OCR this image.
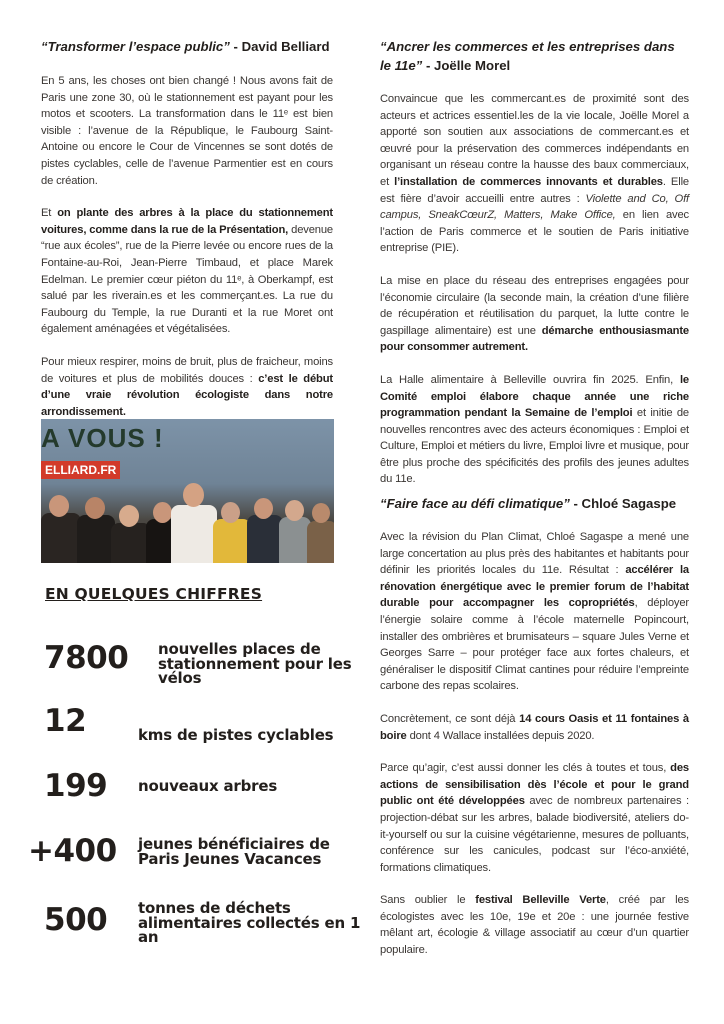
“Transformer l’espace public” - David Belliard

En 5 ans, les choses ont bien changé ! Nous avons fait de Paris une zone 30, où le stationnement est payant pour les motos et scooters. La transformation dans le 11ᵉ est bien visible : l’avenue de la République, le Faubourg Saint-Antoine ou encore le Cour de Vincennes se sont dotés de pistes cyclables, celle de l’avenue Parmentier est en cours de création.

Et on plante des arbres à la place du stationnement voitures, comme dans la rue de la Présentation, devenue “rue aux écoles”, rue de la Pierre levée ou encore rues de la Fontaine-au-Roi, Jean-Pierre Timbaud, et place Marek Edelman. Le premier cœur piéton du 11ᵉ, à Oberkampf, est salué par les riverain.es et les commerçant.es. La rue du Faubourg du Temple, la rue Duranti et la rue Moret ont également aménagées et végétalisées.

Pour mieux respirer, moins de bruit, plus de fraicheur, moins de voitures et plus de mobilités douces : c’est le début d’une vraie révolution écologiste dans notre arrondissement.

A VOUS !
ELLIARD.FR
EN QUELQUES CHIFFRES
7800	nouvelles places de stationnement pour les vélos
12	kms de pistes cyclables
199	nouveaux arbres
+400	jeunes bénéficiaires de Paris Jeunes Vacances
500	tonnes de déchets alimentaires collectés en 1 an
“Ancrer les commerces et les entreprises dans le 11e” - Joëlle Morel

Convaincue que les commercant.es de proximité sont des acteurs et actrices essentiel.les de la vie locale, Joëlle Morel a apporté son soutien aux associations de commercant.es et œuvré pour la préservation des commerces indépendants en organisant un réseau contre la hausse des baux commerciaux, et l’installation de commerces innovants et durables. Elle est fière d’avoir accueilli entre autres : Violette and Co, Off campus, SneakCœurZ, Matters, Make Office, en lien avec l’action de Paris commerce et le soutien de Paris initiative entreprise (PIE).

La mise en place du réseau des entreprises engagées pour l’économie circulaire (la seconde main, la création d’une filière de récupération et réutilisation du parquet, la lutte contre le gaspillage alimentaire) est une démarche enthousiasmante pour consommer autrement.

La Halle alimentaire à Belleville ouvrira fin 2025. Enfin, le Comité emploi élabore chaque année une riche programmation pendant la Semaine de l’emploi et initie de nouvelles rencontres avec des acteurs économiques : Emploi et Culture, Emploi et métiers du livre, Emploi livre et musique, pour être plus proche des spécificités des profils des jeunes adultes du 11e.

“Faire face au défi climatique” - Chloé Sagaspe

Avec la révision du Plan Climat, Chloé Sagaspe a mené une large concertation au plus près des habitantes et habitants pour définir les priorités locales du 11e. Résultat : accélérer la rénovation énergétique avec le premier forum de l’habitat durable pour accompagner les copropriétés, déployer l’énergie solaire comme à l’école maternelle Popincourt, installer des ombrières et brumisateurs – square Jules Verne et Georges Sarre – pour protéger face aux fortes chaleurs, et généraliser le dispositif Climat cantines pour réduire l’empreinte carbone des repas scolaires.

Concrètement, ce sont déjà 14 cours Oasis et 11 fontaines à boire dont 4 Wallace installées depuis 2020.

Parce qu’agir, c’est aussi donner les clés à toutes et tous, des actions de sensibilisation dès l’école et pour le grand public ont été développées avec de nombreux partenaires : projection-débat sur les arbres, balade biodiversité, ateliers do-it-yourself ou sur la cuisine végétarienne, mesures de polluants, conférence sur les canicules, podcast sur l’éco-anxiété, formations climatiques.

Sans oublier le festival Belleville Verte, créé par les écologistes avec les 10e, 19e et 20e : une journée festive mêlant art, écologie & village associatif au cœur d’un quartier populaire.
